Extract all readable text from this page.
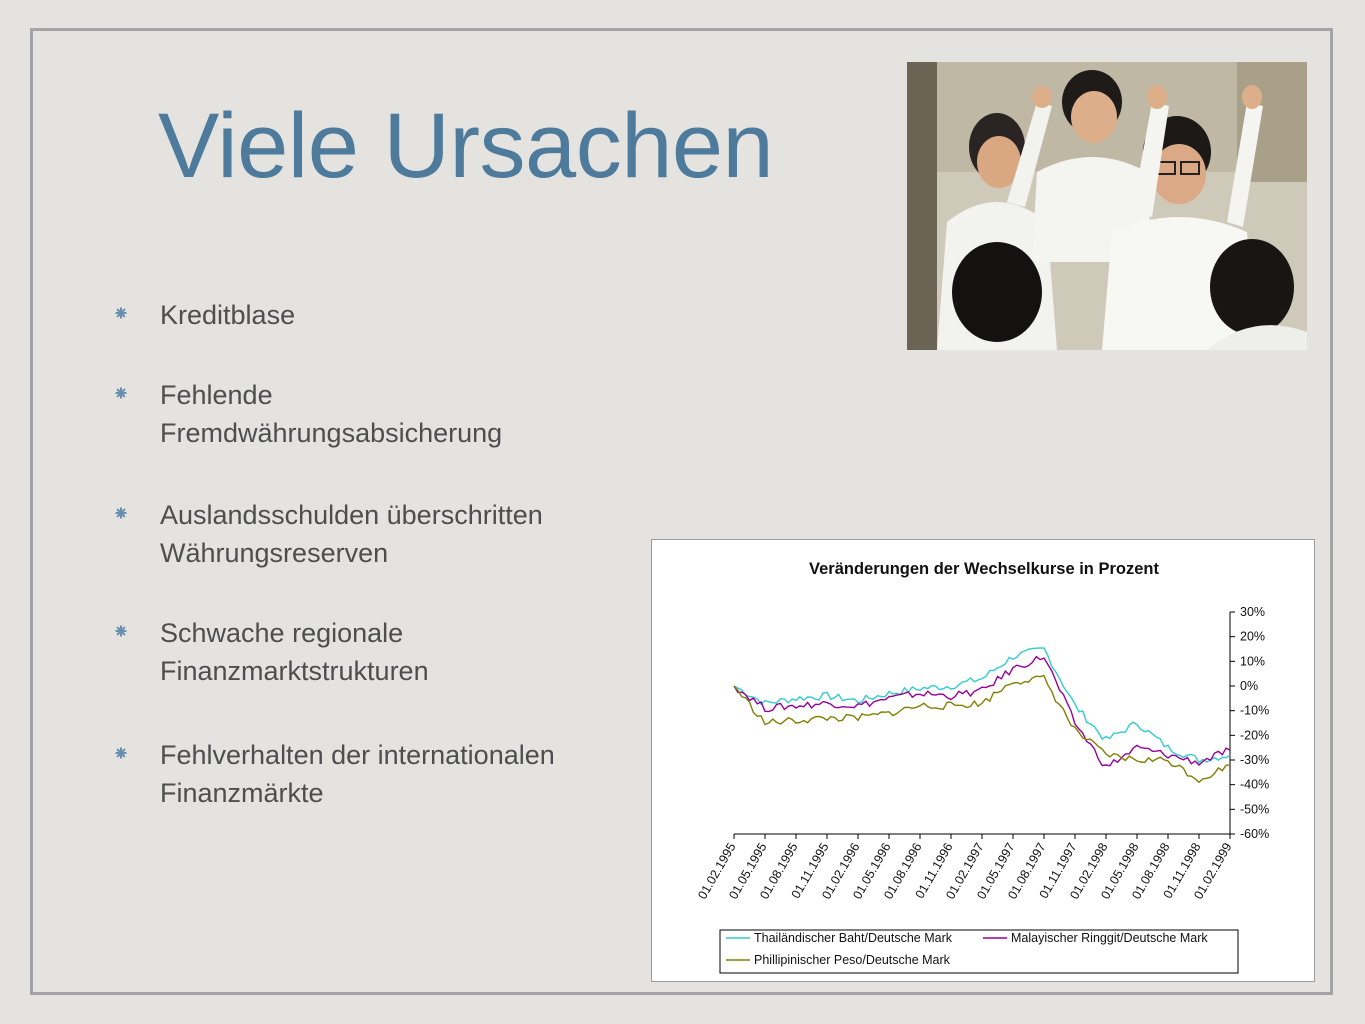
Viele Ursachen
Kreditblase
Fehlende
Fremdwährungsabsicherung
Auslandsschulden überschritten
Währungsreserven
Schwache regionale
Finanzmarktstrukturen
Fehlverhalten der internationalen
Finanzmärkte
Veränderungen der Wechselkurse in Prozent
30%
20%
10%
0%
-10%
-20%
-30%
-40%
-50%
-60%
01.02.1995
01.05.1995
01.08.1995
01.11.1995
01.02.1996
01.05.1996
01.08.1996
01.11.1996
01.02.1997
01.05.1997
01.08.1997
01.11.1997
01.02.1998
01.05.1998
01.08.1998
01.11.1998
01.02.1999
Thailändischer Baht/Deutsche Mark	Malayischer Ringgit/Deutsche Mark
Phillipinischer Peso/Deutsche Mark
